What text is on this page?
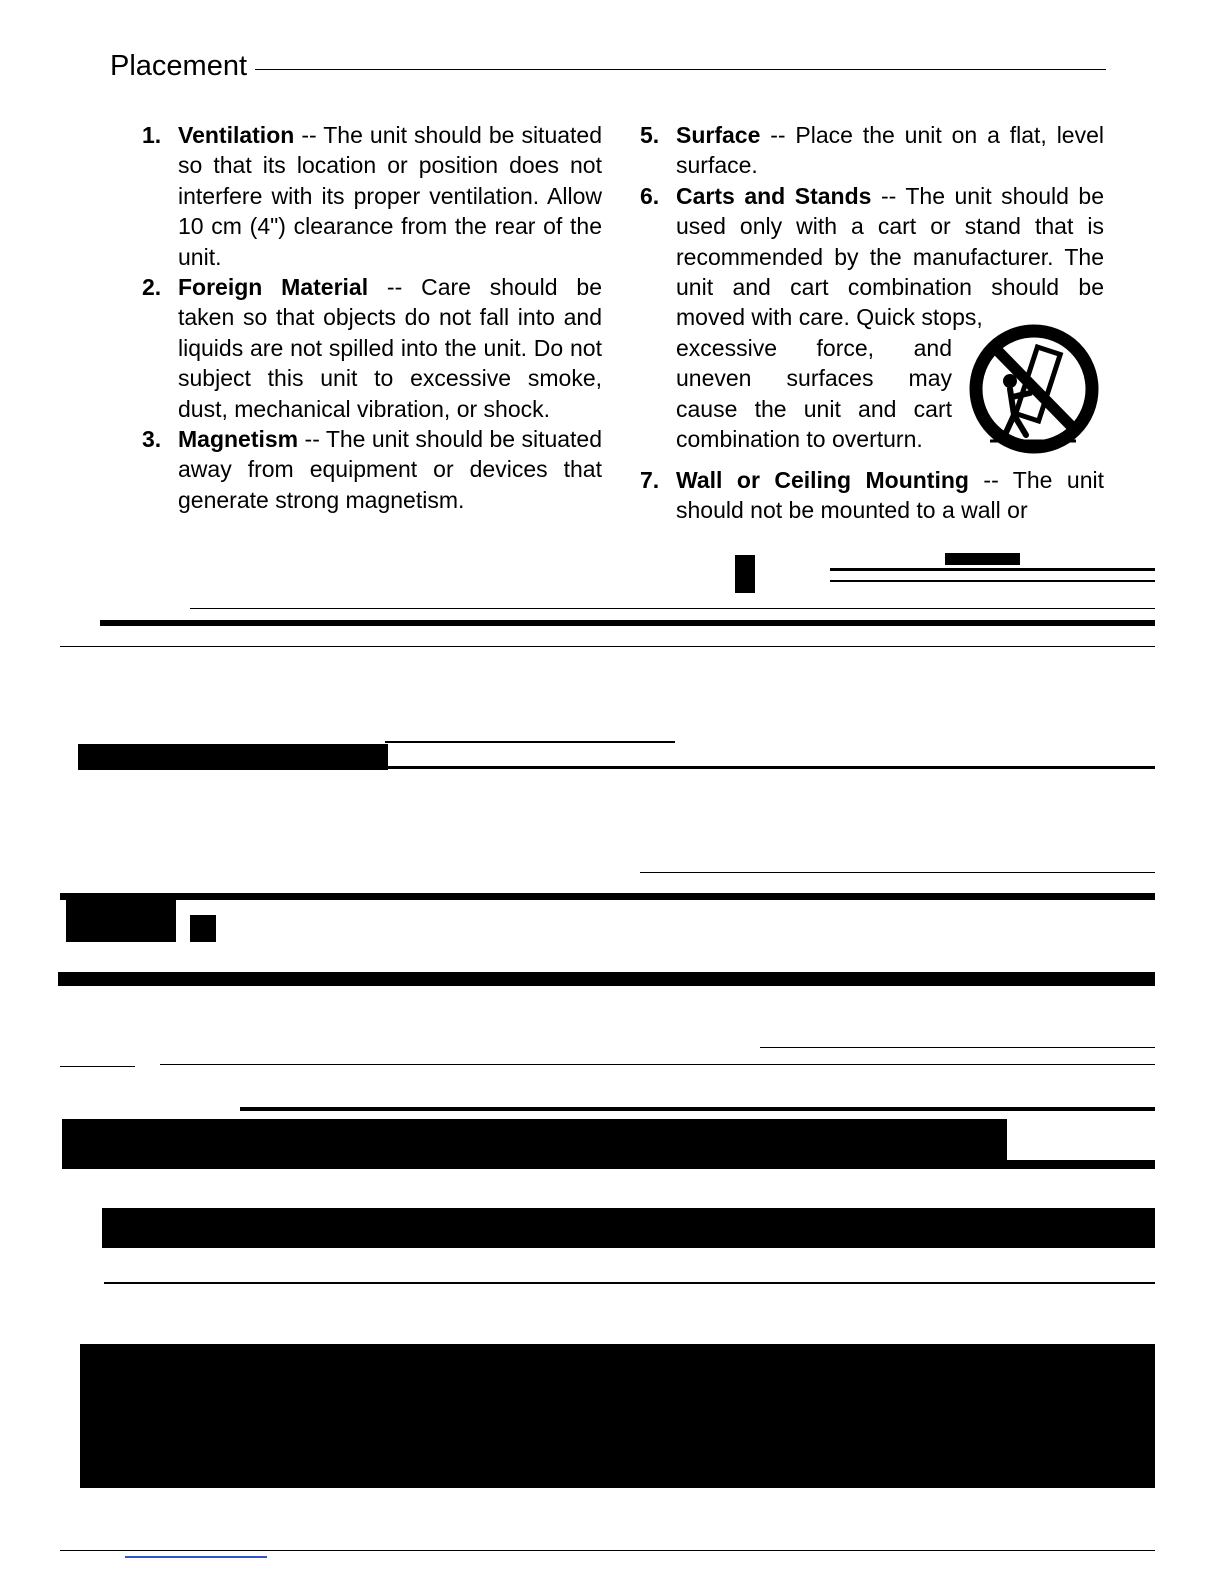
Placement
1. Ventilation -- The unit should be situated so that its location or position does not interfere with its proper ventilation. Allow 10 cm (4") clearance from the rear of the unit.
2. Foreign Material -- Care should be taken so that objects do not fall into and liquids are not spilled into the unit. Do not subject this unit to excessive smoke, dust, mechanical vibration, or shock.
3. Magnetism -- The unit should be situated away from equipment or devices that generate strong magnetism.
5. Surface -- Place the unit on a flat, level surface.
6. Carts and Stands -- The unit should be used only with a cart or stand that is recommended by the manufacturer. The unit and cart combination should be moved with care. Quick stops,
excessive force, and uneven surfaces may cause the unit and cart combination to overturn.
7. Wall or Ceiling Mounting -- The unit should not be mounted to a wall or
